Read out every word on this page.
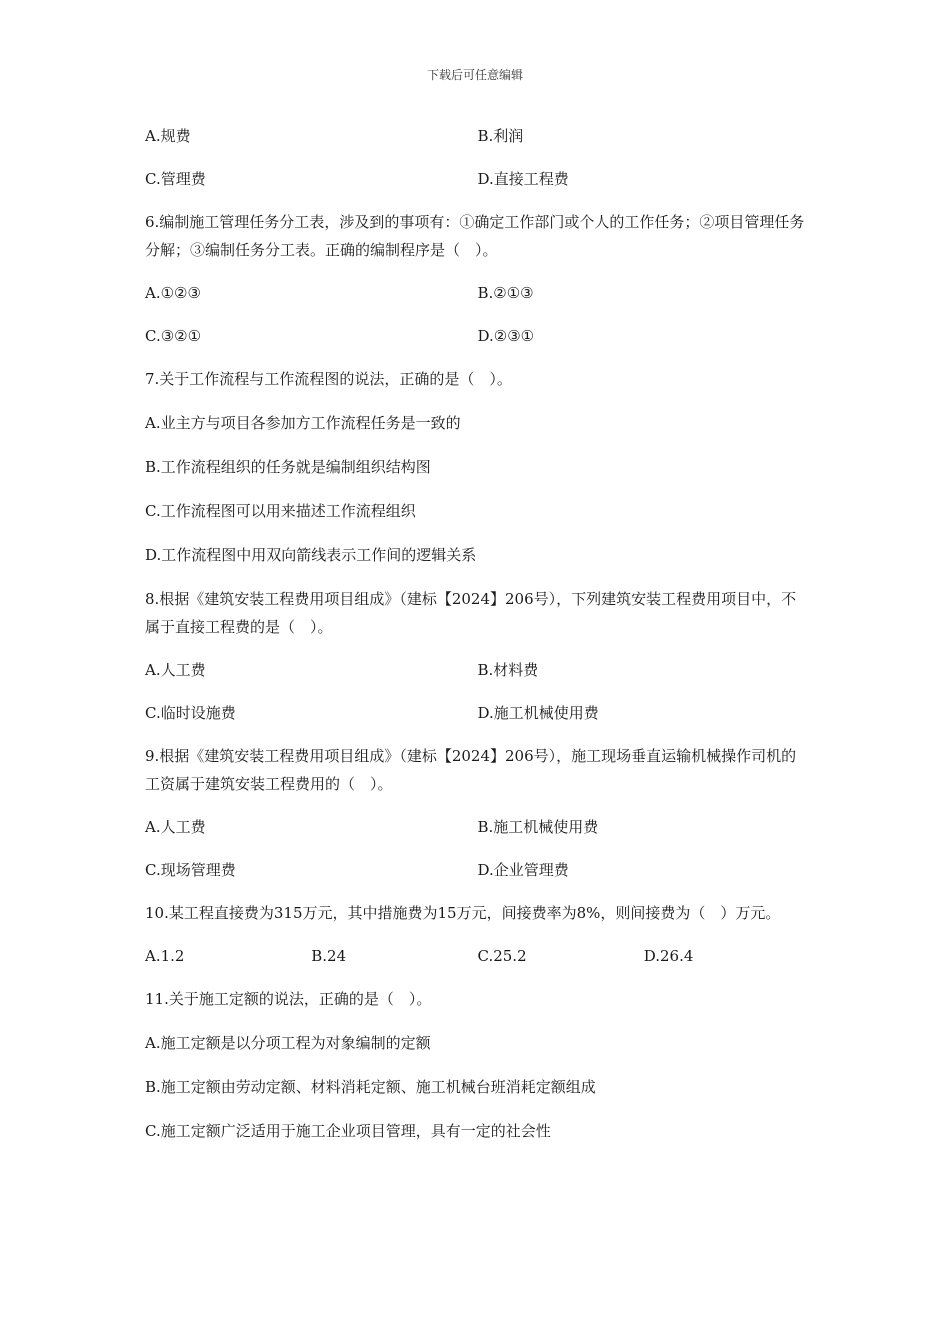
下载后可任意编辑
A.规费	B.利润
C.管理费	D.直接工程费

6.编制施工管理任务分工表，涉及到的事项有：①确定工作部门或个人的工作任务；②项目管理任务分解；③编制任务分工表。正确的编制程序是（　）。

A.①②③	B.②①③
C.③②①	D.②③①

7.关于工作流程与工作流程图的说法，正确的是（　）。

A.业主方与项目各参加方工作流程任务是一致的

B.工作流程组织的任务就是编制组织结构图

C.工作流程图可以用来描述工作流程组织

D.工作流程图中用双向箭线表示工作间的逻辑关系

8.根据《建筑安装工程费用项目组成》（建标【2024】206号），下列建筑安装工程费用项目中，不属于直接工程费的是（　）。

A.人工费	B.材料费
C.临时设施费	D.施工机械使用费

9.根据《建筑安装工程费用项目组成》（建标【2024】206号），施工现场垂直运输机械操作司机的工资属于建筑安装工程费用的（　）。

A.人工费	B.施工机械使用费
C.现场管理费	D.企业管理费

10.某工程直接费为315万元，其中措施费为15万元，间接费率为8%，则间接费为（　）万元。

A.1.2	B.24	C.25.2	D.26.4

11.关于施工定额的说法，正确的是（　）。

A.施工定额是以分项工程为对象编制的定额

B.施工定额由劳动定额、材料消耗定额、施工机械台班消耗定额组成

C.施工定额广泛适用于施工企业项目管理，具有一定的社会性
